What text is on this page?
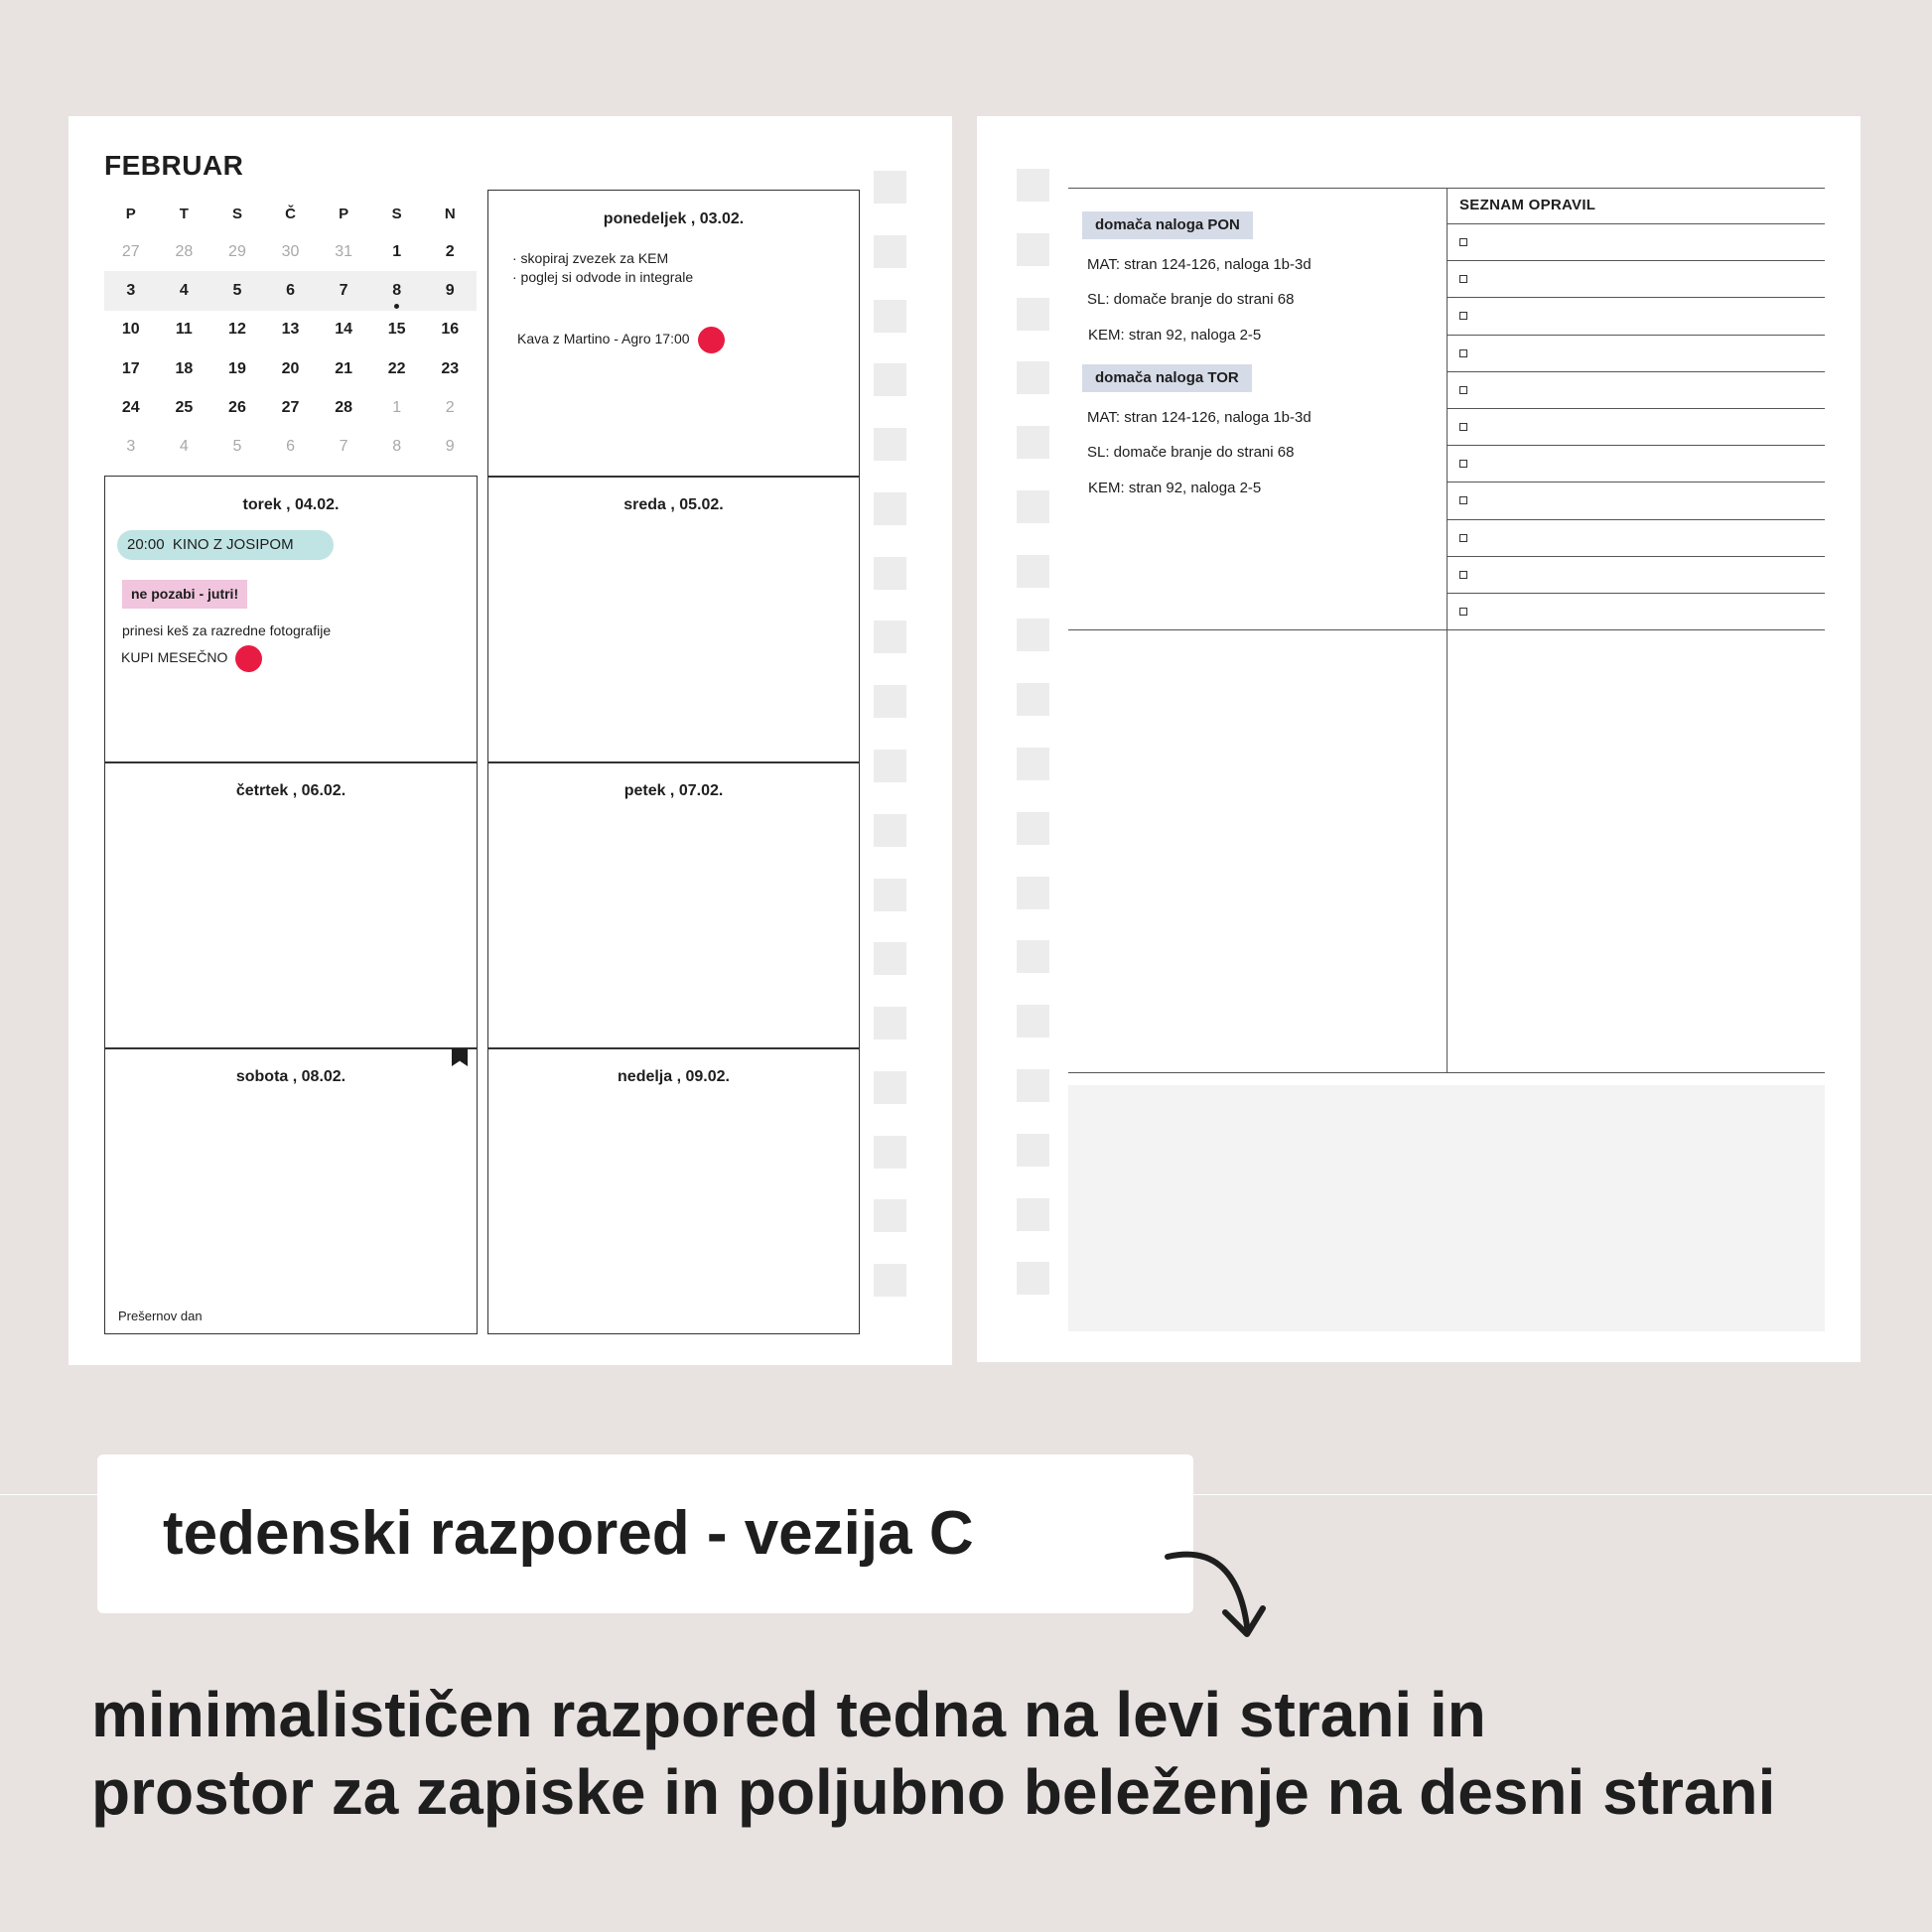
FEBRUAR
P	T	S	Č	P	S	N
27	28	29	30	31	1	2
3	4	5	6	7	8	9
10	11	12	13	14	15	16
17	18	19	20	21	22	23
24	25	26	27	28	1	2
3	4	5	6	7	8	9
ponedeljek , 03.02.
· skopiraj zvezek za KEM
· poglej si odvode in integrale
Kava z Martino - Agro 17:00
torek , 04.02.
20:00 KINO Z JOSIPOM
ne pozabi - jutri!
prinesi keš za razredne fotografije
KUPI MESEČNO
sreda , 05.02.
četrtek , 06.02.	petek , 07.02.
sobota , 08.02.
Prešernov dan
nedelja , 09.02.
domača naloga PON
MAT: stran 124-126, naloga 1b-3d
SL: domače branje do strani 68
KEM: stran 92, naloga 2-5
domača naloga TOR
MAT: stran 124-126, naloga 1b-3d
SL: domače branje do strani 68
KEM: stran 92, naloga 2-5
SEZNAM OPRAVIL
tedenski razpored - vezija C
minimalističen razpored tedna na levi strani in
prostor za zapiske in poljubno beleženje na desni strani
